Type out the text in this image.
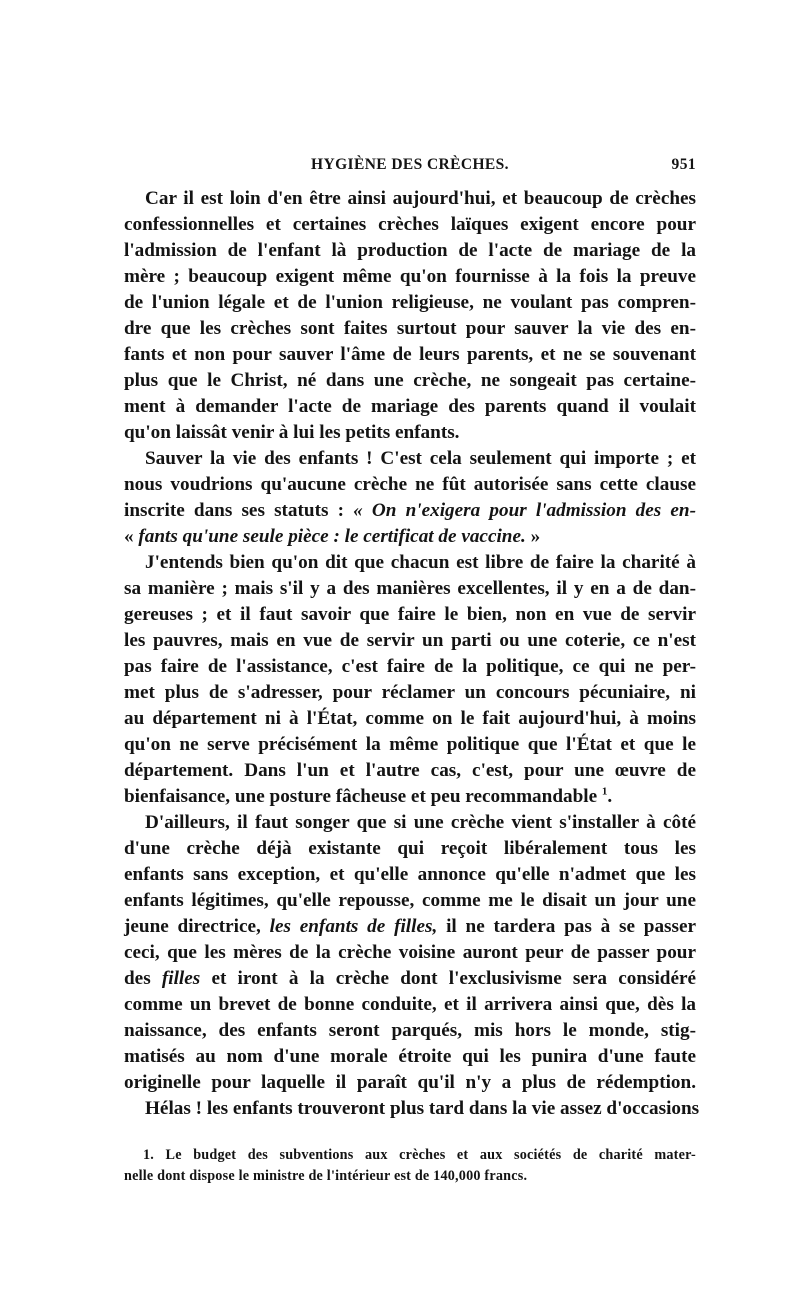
HYGIÈNE DES CRÈCHES.	951
Car il est loin d'en être ainsi aujourd'hui, et beaucoup de crèches
confessionnelles et certaines crèches laïques exigent encore pour
l'admission de l'enfant là production de l'acte de mariage de la
mère ; beaucoup exigent même qu'on fournisse à la fois la preuve
de l'union légale et de l'union religieuse, ne voulant pas compren-
dre que les crèches sont faites surtout pour sauver la vie des en-
fants et non pour sauver l'âme de leurs parents, et ne se souvenant
plus que le Christ, né dans une crèche, ne songeait pas certaine-
ment à demander l'acte de mariage des parents quand il voulait
qu'on laissât venir à lui les petits enfants.
Sauver la vie des enfants ! C'est cela seulement qui importe ; et
nous voudrions qu'aucune crèche ne fût autorisée sans cette clause
inscrite dans ses statuts : « On n'exigera pour l'admission des en-
« fants qu'une seule pièce : le certificat de vaccine. »
J'entends bien qu'on dit que chacun est libre de faire la charité à
sa manière ; mais s'il y a des manières excellentes, il y en a de dan-
gereuses ; et il faut savoir que faire le bien, non en vue de servir
les pauvres, mais en vue de servir un parti ou une coterie, ce n'est
pas faire de l'assistance, c'est faire de la politique, ce qui ne per-
met plus de s'adresser, pour réclamer un concours pécuniaire, ni
au département ni à l'État, comme on le fait aujourd'hui, à moins
qu'on ne serve précisément la même politique que l'État et que le
département. Dans l'un et l'autre cas, c'est, pour une œuvre de
bienfaisance, une posture fâcheuse et peu recommandable $^1$.
D'ailleurs, il faut songer que si une crèche vient s'installer à côté
d'une crèche déjà existante qui reçoit libéralement tous les
enfants sans exception, et qu'elle annonce qu'elle n'admet que les
enfants légitimes, qu'elle repousse, comme me le disait un jour une
jeune directrice, les enfants de filles, il ne tardera pas à se passer
ceci, que les mères de la crèche voisine auront peur de passer pour
des filles et iront à la crèche dont l'exclusivisme sera considéré
comme un brevet de bonne conduite, et il arrivera ainsi que, dès la
naissance, des enfants seront parqués, mis hors le monde, stig-
matisés au nom d'une morale étroite qui les punira d'une faute
originelle pour laquelle il paraît qu'il n'y a plus de rédemption.
Hélas ! les enfants trouveront plus tard dans la vie assez d'occasions
1. Le budget des subventions aux crèches et aux sociétés de charité mater-
nelle dont dispose le ministre de l'intérieur est de 140,000 francs.
